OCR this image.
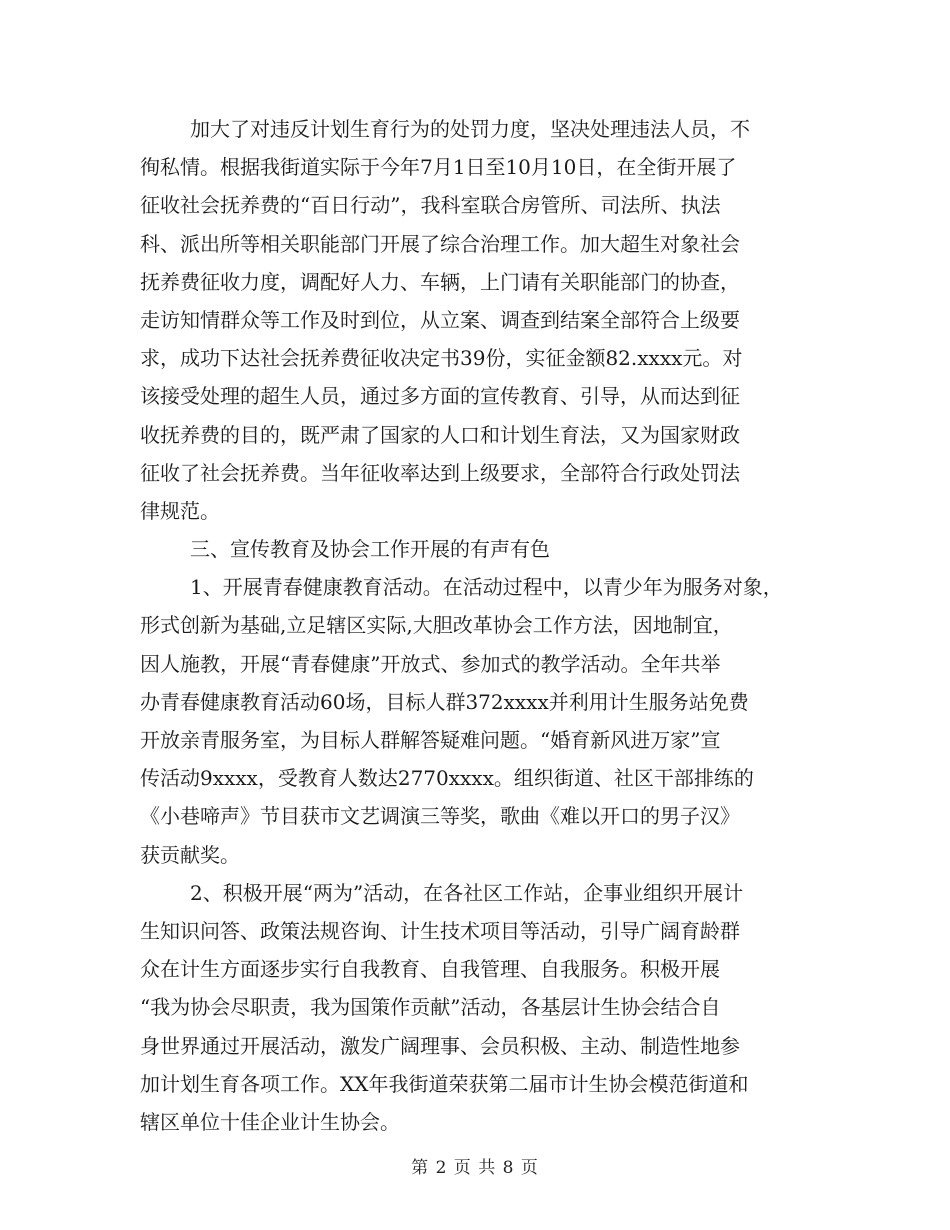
加大了对违反计划生育行为的处罚力度，坚决处理违法人员，不
徇私情。根据我街道实际于今年7月1日至10月10日，在全街开展了
征收社会抚养费的“百日行动”，我科室联合房管所、司法所、执法
科、派出所等相关职能部门开展了综合治理工作。加大超生对象社会
抚养费征收力度，调配好人力、车辆，上门请有关职能部门的协查，
走访知情群众等工作及时到位，从立案、调查到结案全部符合上级要
求，成功下达社会抚养费征收决定书39份，实征金额82.xxxx元。对
该接受处理的超生人员，通过多方面的宣传教育、引导，从而达到征
收抚养费的目的，既严肃了国家的人口和计划生育法，又为国家财政
征收了社会抚养费。当年征收率达到上级要求，全部符合行政处罚法
律规范。
三、宣传教育及协会工作开展的有声有色
1、开展青春健康教育活动。在活动过程中，以青少年为服务对象，
形式创新为基础,立足辖区实际,大胆改革协会工作方法，因地制宜，
因人施教，开展“青春健康”开放式、参加式的教学活动。全年共举
办青春健康教育活动60场，目标人群372xxxx并利用计生服务站免费
开放亲青服务室，为目标人群解答疑难问题。“婚育新风进万家”宣
传活动9xxxx，受教育人数达2770xxxx。组织街道、社区干部排练的
《小巷啼声》节目获市文艺调演三等奖，歌曲《难以开口的男子汉》
获贡献奖。
2、积极开展“两为”活动，在各社区工作站，企事业组织开展计
生知识问答、政策法规咨询、计生技术项目等活动，引导广阔育龄群
众在计生方面逐步实行自我教育、自我管理、自我服务。积极开展
“我为协会尽职责，我为国策作贡献”活动，各基层计生协会结合自
身世界通过开展活动，激发广阔理事、会员积极、主动、制造性地参
加计划生育各项工作。XX年我街道荣获第二届市计生协会模范街道和
辖区单位十佳企业计生协会。
第 2 页 共 8 页
